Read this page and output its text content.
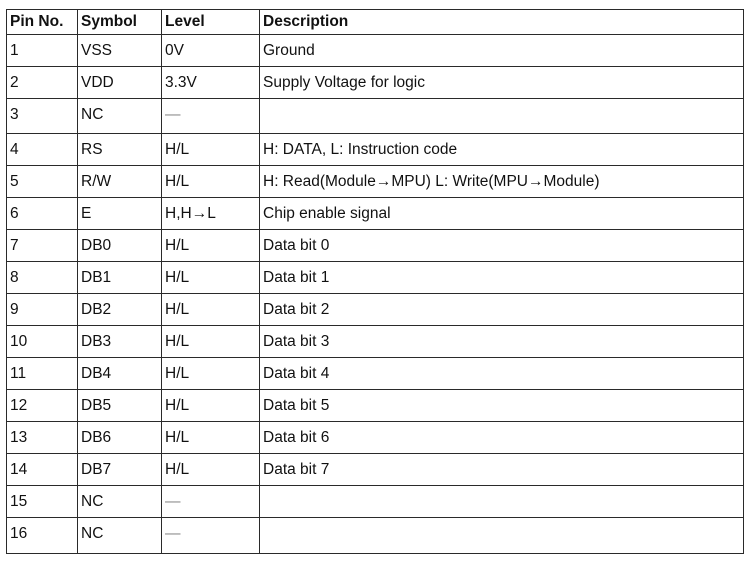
Pin No.	Symbol	Level	Description
1	VSS	0V	Ground
2	VDD	3.3V	Supply Voltage for logic
3	NC	—	
4	RS	H/L	H: DATA, L: Instruction code
5	R/W	H/L	H: Read(Module→MPU) L: Write(MPU→Module)
6	E	H,H→L	Chip enable signal
7	DB0	H/L	Data bit 0
8	DB1	H/L	Data bit 1
9	DB2	H/L	Data bit 2
10	DB3	H/L	Data bit 3
11	DB4	H/L	Data bit 4
12	DB5	H/L	Data bit 5
13	DB6	H/L	Data bit 6
14	DB7	H/L	Data bit 7
15	NC	—	
16	NC	—	
